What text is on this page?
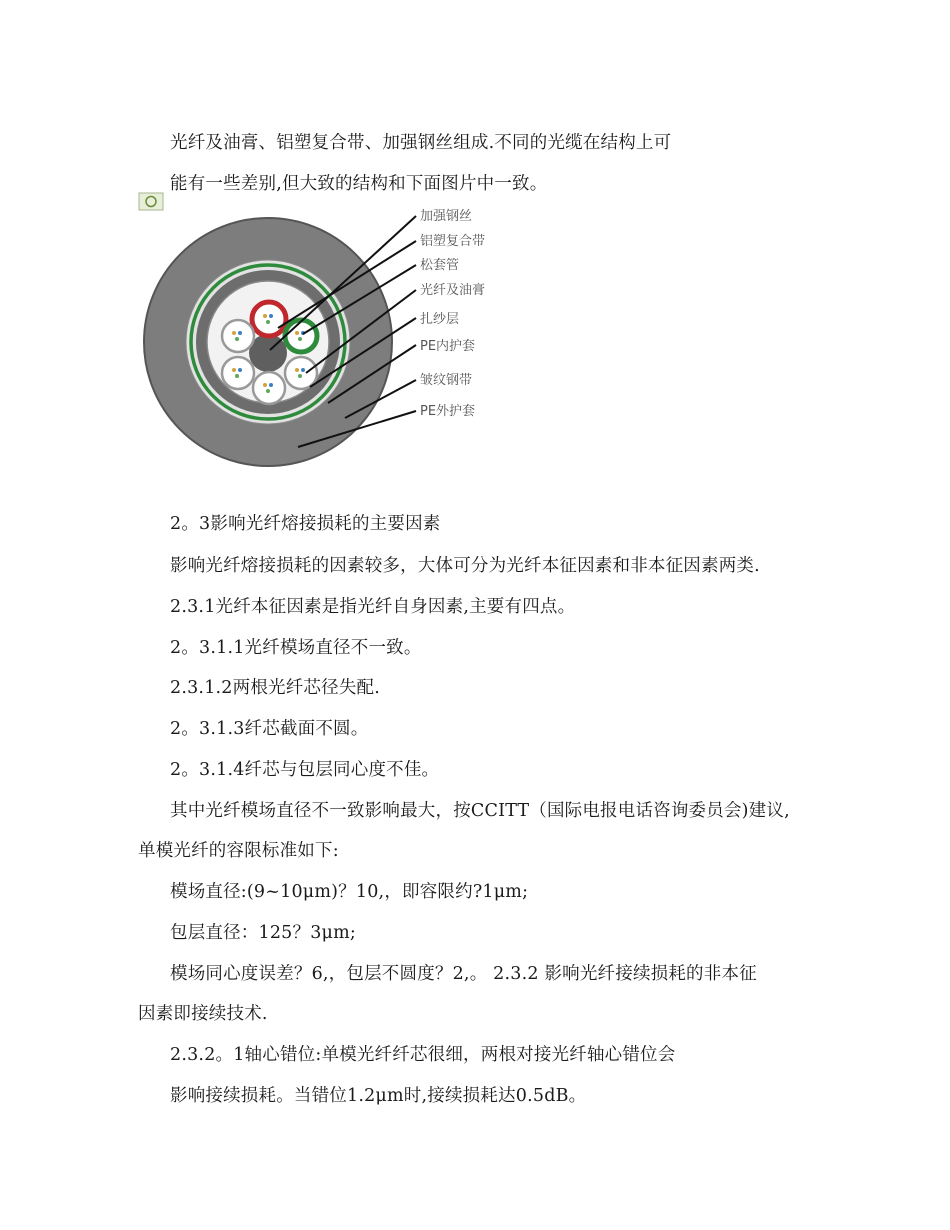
光纤及油膏、铝塑复合带、加强钢丝组成.不同的光缆在结构上可
能有一些差别,但大致的结构和下面图片中一致。
加强钢丝
铝塑复合带
松套管
光纤及油膏
扎纱层
PE内护套
皱纹钢带
PE外护套
2。3影响光纤熔接损耗的主要因素
影响光纤熔接损耗的因素较多，大体可分为光纤本征因素和非本征因素两类.
2.3.1光纤本征因素是指光纤自身因素,主要有四点。
2。3.1.1光纤模场直径不一致。
2.3.1.2两根光纤芯径失配.
2。3.1.3纤芯截面不圆。
2。3.1.4纤芯与包层同心度不佳。
其中光纤模场直径不一致影响最大，按CCITT（国际电报电话咨询委员会)建议,
单模光纤的容限标准如下:
模场直径:(9~10μm)？10,，即容限约?1μm;
包层直径：125？3μm;
模场同心度误差？6,，包层不圆度？2,。 2.3.2 影响光纤接续损耗的非本征
因素即接续技术.
2.3.2。1轴心错位:单模光纤纤芯很细，两根对接光纤轴心错位会
影响接续损耗。当错位1.2μm时,接续损耗达0.5dB。
